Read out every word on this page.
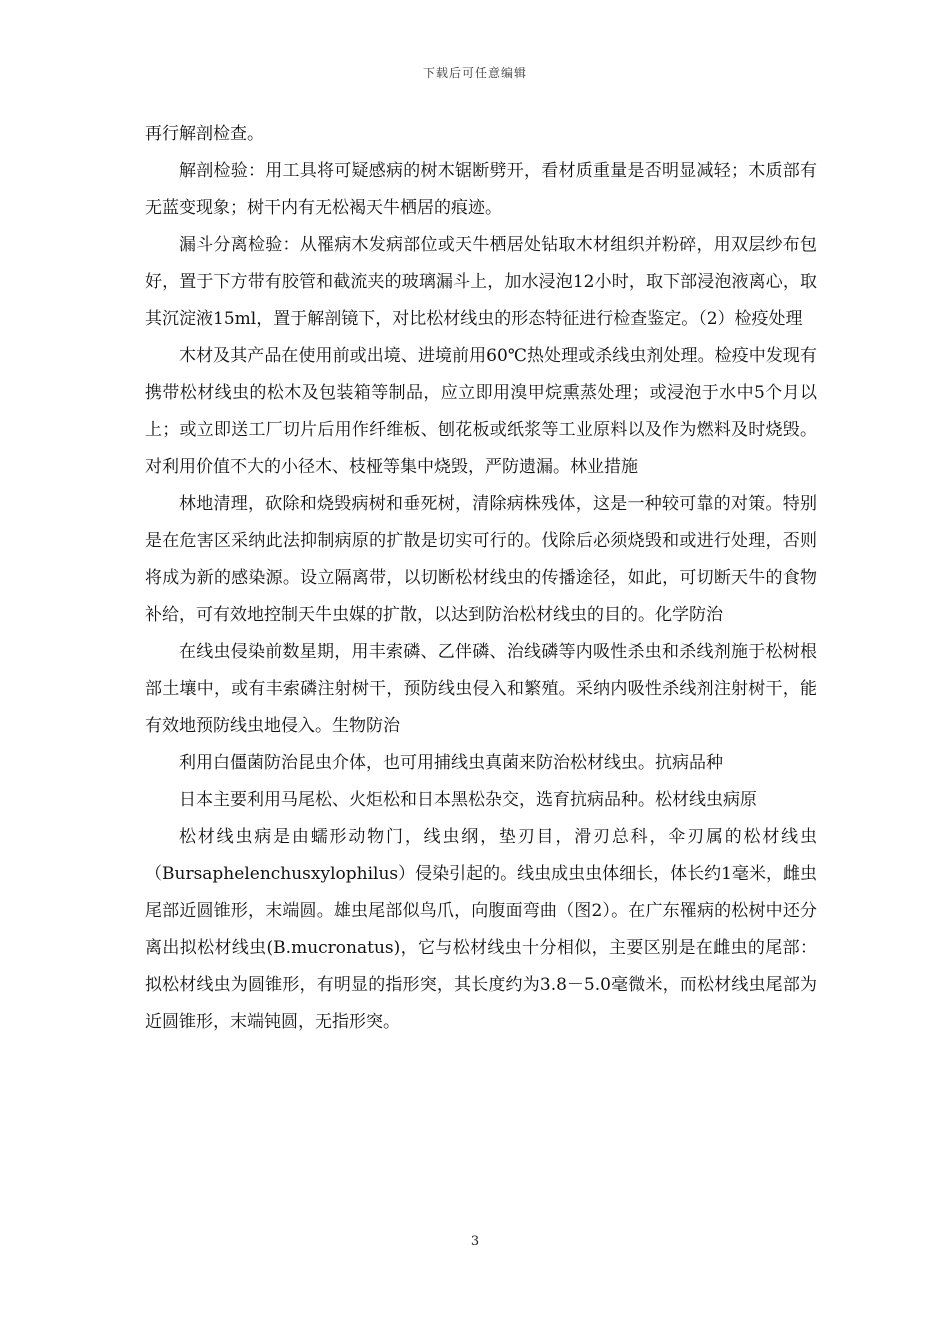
下载后可任意编辑

再行解剖检查。

解剖检验：用工具将可疑感病的树木锯断劈开，看材质重量是否明显减轻；木质部有无蓝变现象；树干内有无松褐天牛栖居的痕迹。

漏斗分离检验：从罹病木发病部位或天牛栖居处钻取木材组织并粉碎，用双层纱布包好，置于下方带有胶管和截流夹的玻璃漏斗上，加水浸泡12小时，取下部浸泡液离心，取其沉淀液15ml，置于解剖镜下，对比松材线虫的形态特征进行检查鉴定。（2）检疫处理

木材及其产品在使用前或出境、进境前用60℃热处理或杀线虫剂处理。检疫中发现有携带松材线虫的松木及包装箱等制品，应立即用溴甲烷熏蒸处理；或浸泡于水中5个月以上；或立即送工厂切片后用作纤维板、刨花板或纸浆等工业原料以及作为燃料及时烧毁。对利用价值不大的小径木、枝桠等集中烧毁，严防遗漏。林业措施

林地清理，砍除和烧毁病树和垂死树，清除病株残体，这是一种较可靠的对策。特别是在危害区采纳此法抑制病原的扩散是切实可行的。伐除后必须烧毁和或进行处理，否则将成为新的感染源。设立隔离带，以切断松材线虫的传播途径，如此，可切断天牛的食物补给，可有效地控制天牛虫媒的扩散，以达到防治松材线虫的目的。化学防治

在线虫侵染前数星期，用丰索磷、乙伴磷、治线磷等内吸性杀虫和杀线剂施于松树根部土壤中，或有丰索磷注射树干，预防线虫侵入和繁殖。采纳内吸性杀线剂注射树干，能有效地预防线虫地侵入。生物防治

利用白僵菌防治昆虫介体，也可用捕线虫真菌来防治松材线虫。抗病品种

日本主要利用马尾松、火炬松和日本黑松杂交，选育抗病品种。松材线虫病原

松材线虫病是由蠕形动物门，线虫纲，垫刃目，滑刃总科，伞刃属的松材线虫（Bursaphelenchusxylophilus）侵染引起的。线虫成虫虫体细长，体长约1毫米，雌虫尾部近圆锥形，末端圆。雄虫尾部似鸟爪，向腹面弯曲（图2）。在广东罹病的松树中还分离出拟松材线虫(B.mucronatus)，它与松材线虫十分相似，主要区别是在雌虫的尾部：拟松材线虫为圆锥形，有明显的指形突，其长度约为3.8－5.0毫微米，而松材线虫尾部为近圆锥形，末端钝圆，无指形突。

3
